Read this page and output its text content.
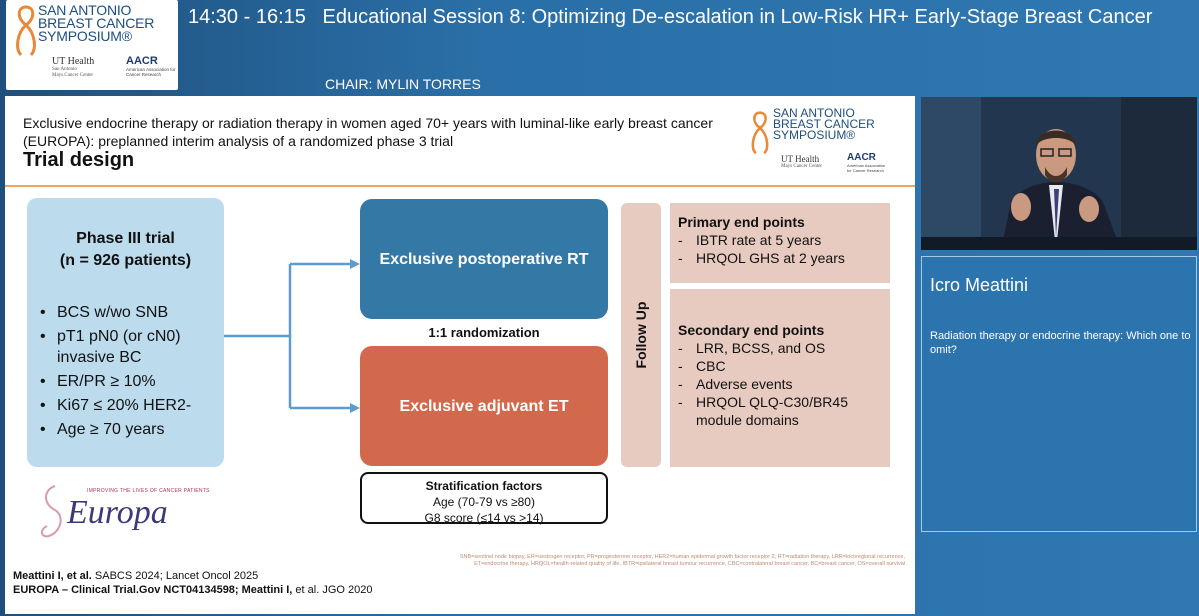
SAN ANTONIO
BREAST CANCER
SYMPOSIUM®
UT Health
San Antonio
Mays Cancer Center
AACR
American Association for Cancer Research
14:30 - 16:15 Educational Session 8: Optimizing De-escalation in Low-Risk HR+ Early-Stage Breast Cancer
CHAIR: MYLIN TORRES
Exclusive endocrine therapy or radiation therapy in women aged 70+ years with luminal-like early breast cancer (EUROPA): preplanned interim analysis of a randomized phase 3 trial
Trial design
SAN ANTONIO
BREAST CANCER
SYMPOSIUM®
UT Health
Mays Cancer Center
AACR
American Association for Cancer Research
Phase III trial
(n = 926 patients)
• BCS w/wo SNB
• pT1 pN0 (or cN0) invasive BC
• ER/PR ≥ 10%
• Ki67 ≤ 20% HER2-
• Age ≥ 70 years
Exclusive postoperative RT
1:1 randomization
Exclusive adjuvant ET
Stratification factors
Age (70-79 vs ≥80)
G8 score (≤14 vs >14)
Follow Up
Primary end points
- IBTR rate at 5 years
- HRQOL GHS at 2 years
Secondary end points
- LRR, BCSS, and OS
- CBC
- Adverse events
- HRQOL QLQ-C30/BR45 module domains
IMPROVING THE LIVES OF CANCER PATIENTS
Europa
Meattini I, et al. SABCS 2024; Lancet Oncol 2025
EUROPA – Clinical Trial.Gov NCT04134598; Meattini I, et al. JGO 2020
SNB=sentinel node biopsy, ER=oestrogen receptor, PR=progesterone receptor, HER2=human epidermal growth factor receptor 2, RT=radiation therapy, LRR=locoregional recurrence, ET=endocrine therapy, HRQOL=health-related quality of life, IBTR=ipsilateral breast tumour recurrence, CBC=contralateral breast cancer, BC=breast cancer, OS=overall survival
Icro Meattini
Radiation therapy or endocrine therapy: Which one to omit?
